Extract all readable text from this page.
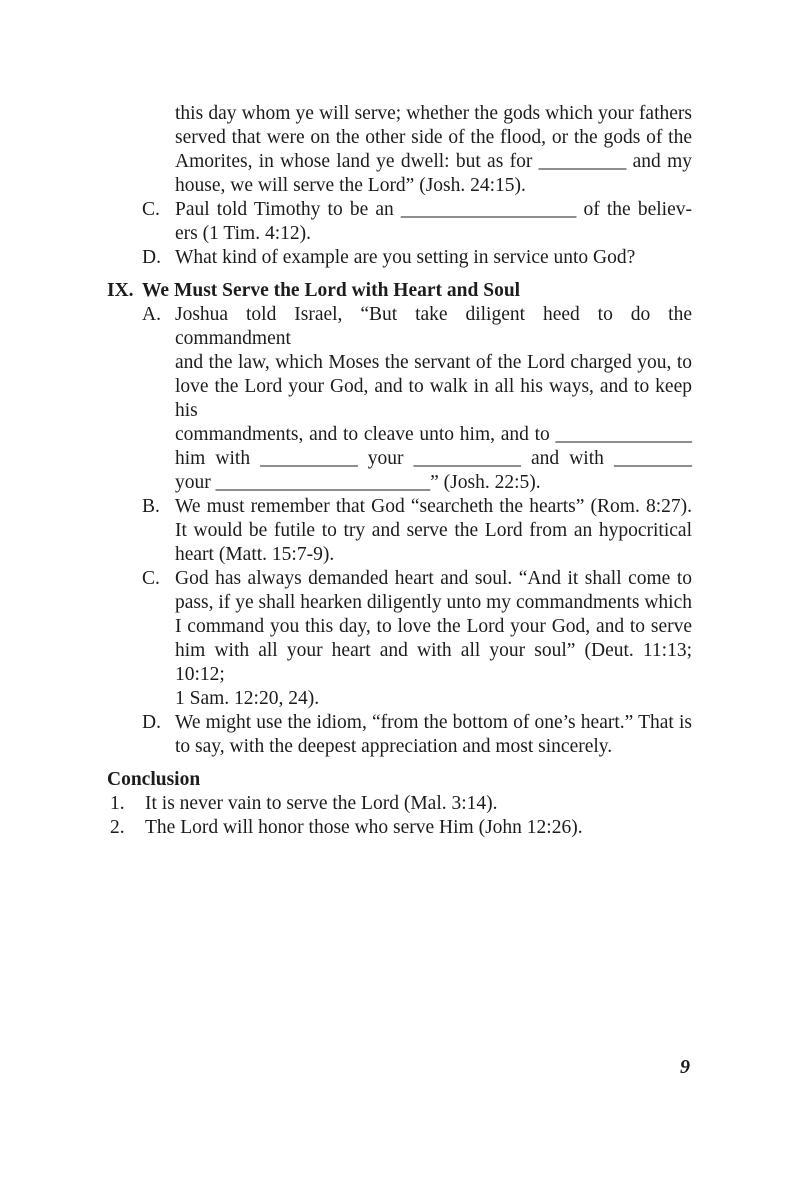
this day whom ye will serve; whether the gods which your fathers
served that were on the other side of the flood, or the gods of the
Amorites, in whose land ye dwell: but as for _________ and my
house, we will serve the Lord” (Josh. 24:15).
C. Paul told Timothy to be an __________________ of the believ-
ers (1 Tim. 4:12).
D. What kind of example are you setting in service unto God?
IX. We Must Serve the Lord with Heart and Soul
A. Joshua told Israel, “But take diligent heed to do the commandment
and the law, which Moses the servant of the Lord charged you, to
love the Lord your God, and to walk in all his ways, and to keep his
commandments, and to cleave unto him, and to ______________
him with __________ your ___________ and with ________
your ______________________” (Josh. 22:5).
B. We must remember that God “searcheth the hearts” (Rom. 8:27).
It would be futile to try and serve the Lord from an hypocritical
heart (Matt. 15:7-9).
C. God has always demanded heart and soul. “And it shall come to
pass, if ye shall hearken diligently unto my commandments which
I command you this day, to love the Lord your God, and to serve
him with all your heart and with all your soul” (Deut. 11:13; 10:12;
1 Sam. 12:20, 24).
D. We might use the idiom, “from the bottom of one’s heart.” That is
to say, with the deepest appreciation and most sincerely.
Conclusion
1.	It is never vain to serve the Lord (Mal. 3:14).
2.	The Lord will honor those who serve Him (John 12:26).
9
